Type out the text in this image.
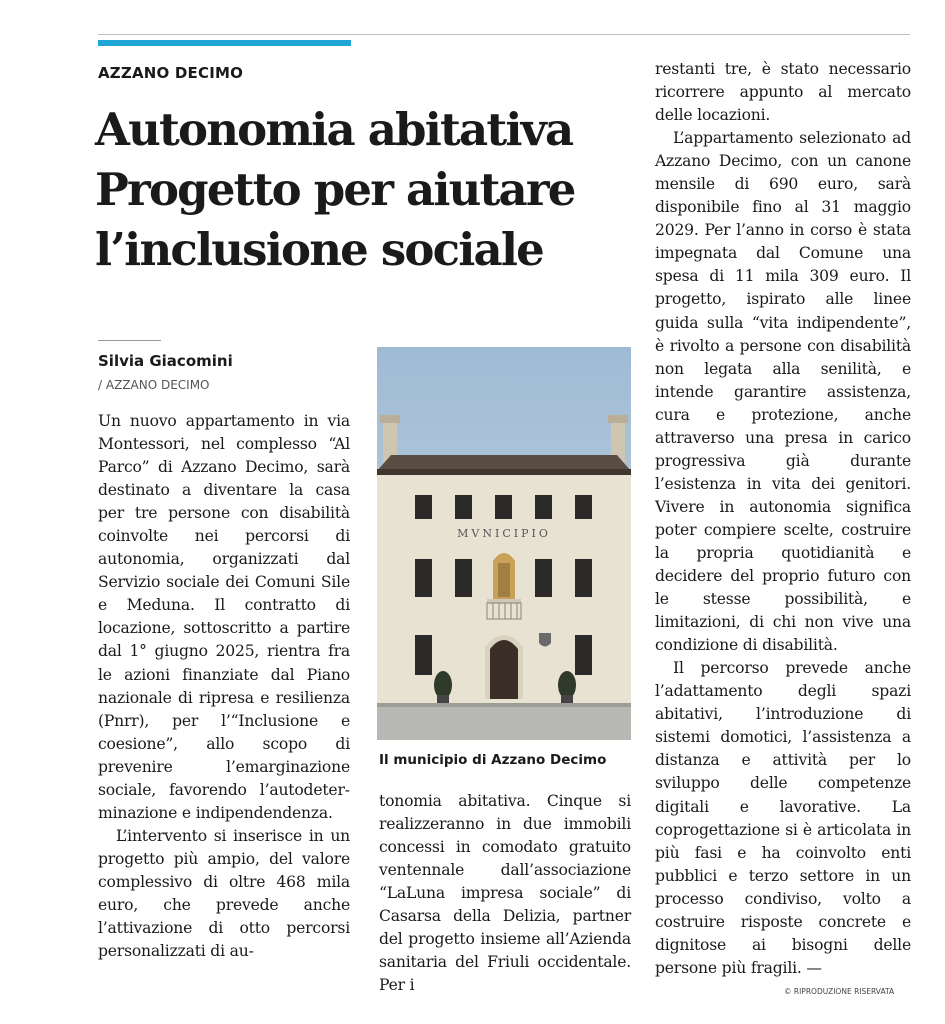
AZZANO DECIMO
Autonomia abitativa
Progetto per aiutare
l’inclusione sociale
Silvia Giacomini
/ AZZANO DECIMO

Un nuovo appartamento in via Montessori, nel complesso “Al Parco” di Azzano Decimo, sarà destinato a diventare la casa per tre persone con disabilità coinvolte nei percorsi di autonomia, organizzati dal Servizio sociale dei Comuni Sile e Meduna. Il contratto di locazione, sottoscritto a partire dal 1° giugno 2025, rientra fra le azioni finanziate dal Piano nazionale di ripresa e resilienza (Pnrr), per l’“Inclusione e coesione”, allo scopo di prevenire l’emarginazione sociale, favorendo l’autodeterminazione e indipendendenza.

L’intervento si inserisce in un progetto più ampio, del valore complessivo di oltre 468 mila euro, che prevede anche l’attivazione di otto percorsi personalizzati di au-

MVNICIPIO
Il municipio di Azzano Decimo

tonomia abitativa. Cinque si realizzeranno in due immobili concessi in comodato gratuito ventennale dall’associazione “LaLuna impresa sociale” di Casarsa della Delizia, partner del progetto insieme all’Azienda sanitaria del Friuli occidentale. Per i

restanti tre, è stato necessario ricorrere appunto al mercato delle locazioni.

L’appartamento selezionato ad Azzano Decimo, con un canone mensile di 690 euro, sarà disponibile fino al 31 maggio 2029. Per l’anno in corso è stata impegnata dal Comune una spesa di 11 mila 309 euro. Il progetto, ispirato alle linee guida sulla “vita indipendente”, è rivolto a persone con disabilità non legata alla senilità, e intende garantire assistenza, cura e protezione, anche attraverso una presa in carico progressiva già durante l’esistenza in vita dei genitori. Vivere in autonomia significa poter compiere scelte, costruire la propria quotidianità e decidere del proprio futuro con le stesse possibilità, e limitazioni, di chi non vive una condizione di disabilità.

Il percorso prevede anche l’adattamento degli spazi abitativi, l’introduzione di sistemi domotici, l’assistenza a distanza e attività per lo sviluppo delle competenze digitali e lavorative. La coprogettazione si è articolata in più fasi e ha coinvolto enti pubblici e terzo settore in un processo condiviso, volto a costruire risposte concrete e dignitose ai bisogni delle persone più fragili. —

© RIPRODUZIONE RISERVATA
